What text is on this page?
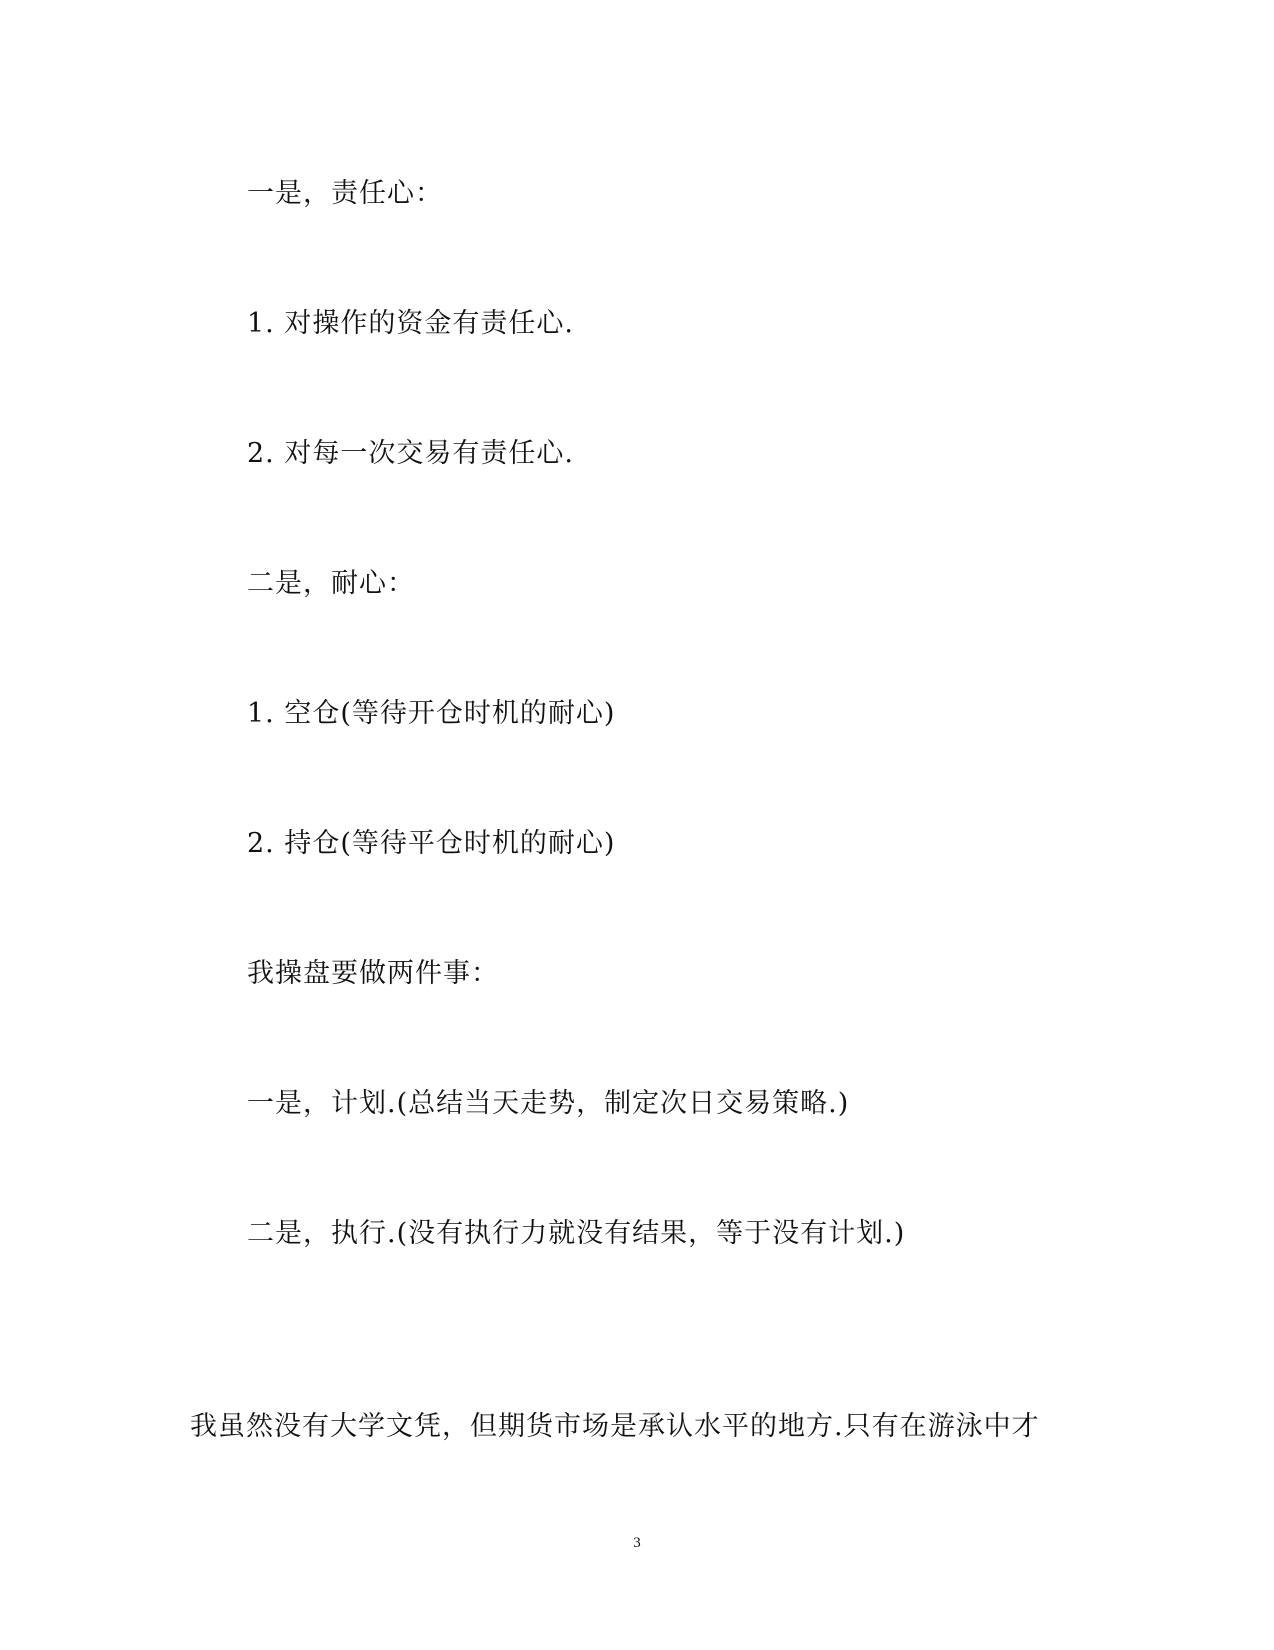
一是，责任心：
1. 对操作的资金有责任心.
2. 对每一次交易有责任心.
二是，耐心：
1. 空仓(等待开仓时机的耐心)
2. 持仓(等待平仓时机的耐心)
我操盘要做两件事：
一是，计划.(总结当天走势，制定次日交易策略.)
二是，执行.(没有执行力就没有结果，等于没有计划.)
我虽然没有大学文凭，但期货市场是承认水平的地方.只有在游泳中才
3
